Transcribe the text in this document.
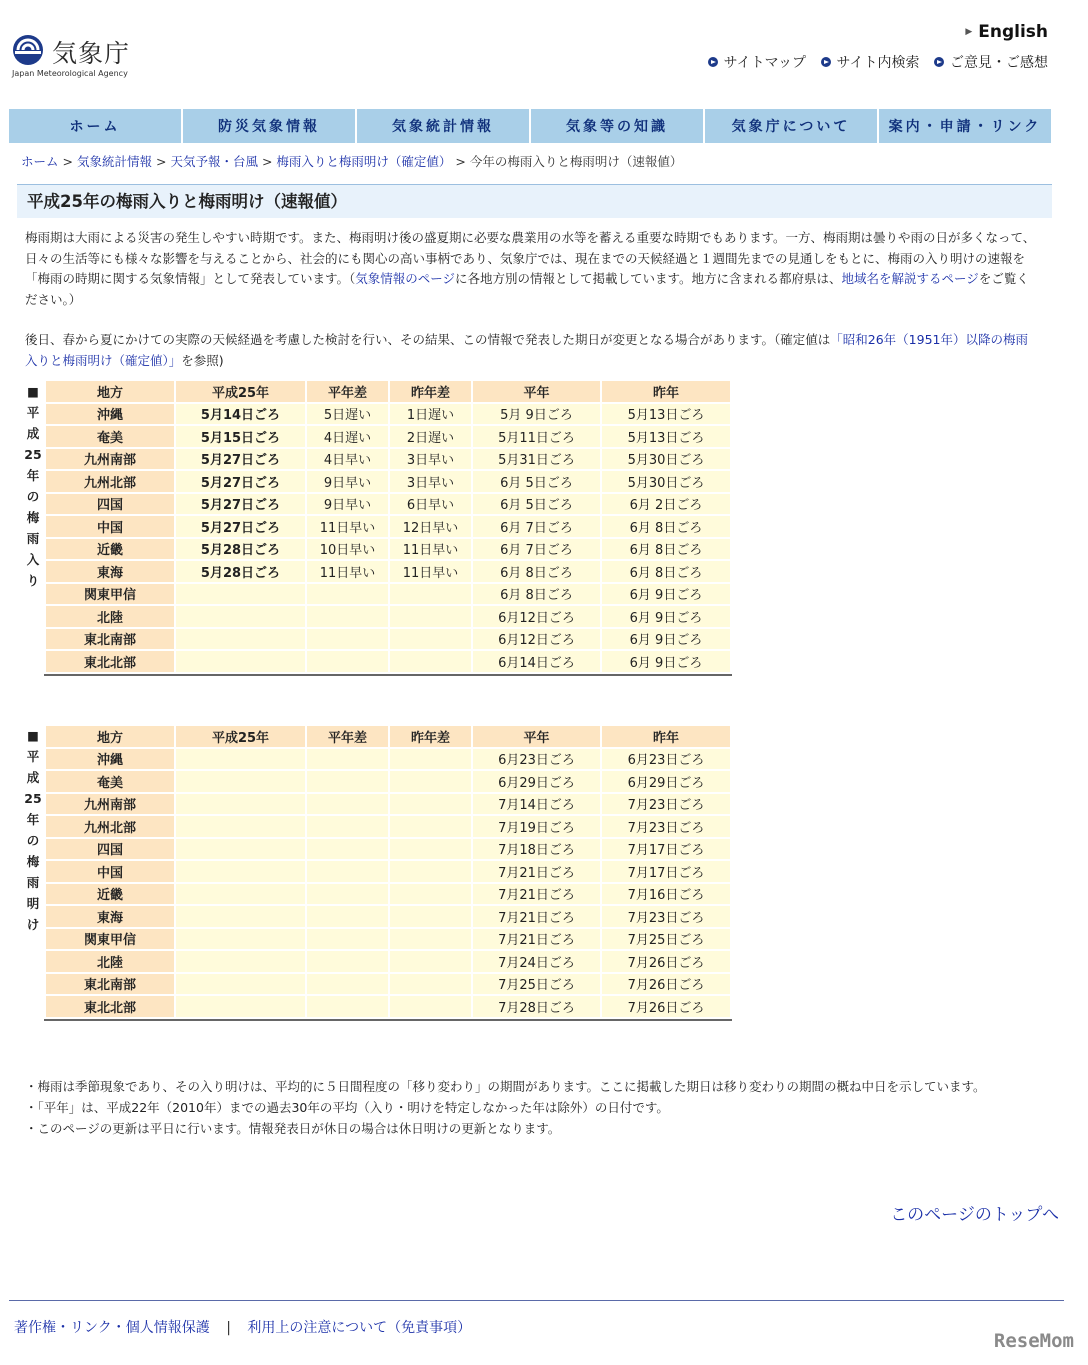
気象庁
Japan Meteorological Agency
▶ English
サイトマップ サイト内検索 ご意見・ご感想
ホーム	防災気象情報	気象統計情報	気象等の知識	気象庁について	案内・申請・リンク
ホーム > 気象統計情報 > 天気予報・台風 > 梅雨入りと梅雨明け（確定値） > 今年の梅雨入りと梅雨明け（速報値）
平成25年の梅雨入りと梅雨明け（速報値）

梅雨期は大雨による災害の発生しやすい時期です。また、梅雨明け後の盛夏期に必要な農業用の水等を蓄える重要な時期でもあります。一方、梅雨期は曇りや雨の日が多くなって、日々の生活等にも様々な影響を与えることから、社会的にも関心の高い事柄であり、気象庁では、現在までの天候経過と１週間先までの見通しをもとに、梅雨の入り明けの速報を「梅雨の時期に関する気象情報」として発表しています。（気象情報のページに各地方別の情報として掲載しています。地方に含まれる都府県は、地域名を解説するページをご覧ください。）

後日、春から夏にかけての実際の天候経過を考慮した検討を行い、その結果、この情報で発表した期日が変更となる場合があります。（確定値は「昭和26年（1951年）以降の梅雨入りと梅雨明け（確定値）」を参照)

■
平
成
25
年
の
梅
雨
入
り
地方	平成25年	平年差	昨年差	平年	昨年
沖縄	5月14日ごろ	5日遅い	1日遅い	5月 9日ごろ	5月13日ごろ
奄美	5月15日ごろ	4日遅い	2日遅い	5月11日ごろ	5月13日ごろ
九州南部	5月27日ごろ	4日早い	3日早い	5月31日ごろ	5月30日ごろ
九州北部	5月27日ごろ	9日早い	3日早い	6月 5日ごろ	5月30日ごろ
四国	5月27日ごろ	9日早い	6日早い	6月 5日ごろ	6月 2日ごろ
中国	5月27日ごろ	11日早い	12日早い	6月 7日ごろ	6月 8日ごろ
近畿	5月28日ごろ	10日早い	11日早い	6月 7日ごろ	6月 8日ごろ
東海	5月28日ごろ	11日早い	11日早い	6月 8日ごろ	6月 8日ごろ
関東甲信				6月 8日ごろ	6月 9日ごろ
北陸				6月12日ごろ	6月 9日ごろ
東北南部				6月12日ごろ	6月 9日ごろ
東北北部				6月14日ごろ	6月 9日ごろ
■
平
成
25
年
の
梅
雨
明
け
地方	平成25年	平年差	昨年差	平年	昨年
沖縄				6月23日ごろ	6月23日ごろ
奄美				6月29日ごろ	6月29日ごろ
九州南部				7月14日ごろ	7月23日ごろ
九州北部				7月19日ごろ	7月23日ごろ
四国				7月18日ごろ	7月17日ごろ
中国				7月21日ごろ	7月17日ごろ
近畿				7月21日ごろ	7月16日ごろ
東海				7月21日ごろ	7月23日ごろ
関東甲信				7月21日ごろ	7月25日ごろ
北陸				7月24日ごろ	7月26日ごろ
東北南部				7月25日ごろ	7月26日ごろ
東北北部				7月28日ごろ	7月26日ごろ
・梅雨は季節現象であり、その入り明けは、平均的に５日間程度の「移り変わり」の期間があります。ここに掲載した期日は移り変わりの期間の概ね中日を示しています。
・「平年」は、平成22年（2010年）までの過去30年の平均（入り・明けを特定しなかった年は除外）の日付です。
・このページの更新は平日に行います。情報発表日が休日の場合は休日明けの更新となります。
このページのトップへ
著作権・リンク・個人情報保護 | 利用上の注意について（免責事項）
ReseMom
